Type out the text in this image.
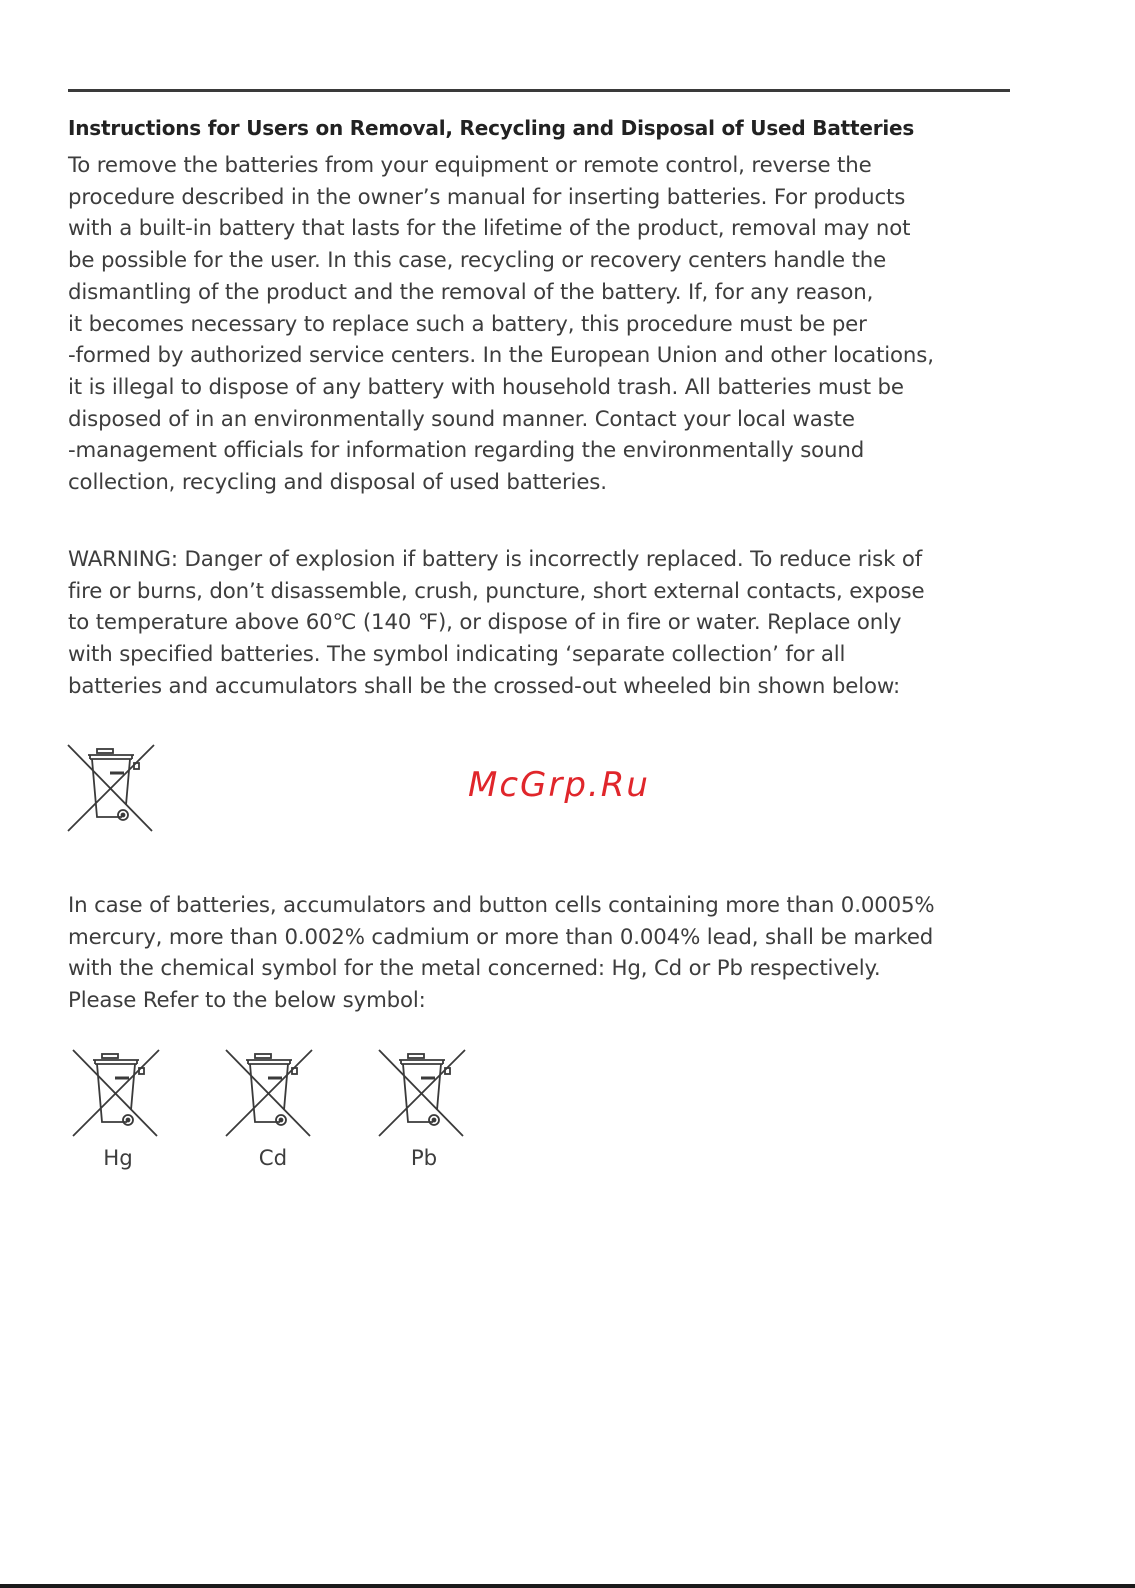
Instructions for Users on Removal, Recycling and Disposal of Used Batteries
To remove the batteries from your equipment or remote control, reverse the
procedure described in the owner’s manual for inserting batteries. For products
with a built-in battery that lasts for the lifetime of the product, removal may not
be possible for the user. In this case, recycling or recovery centers handle the
dismantling of the product and the removal of the battery. If, for any reason,
it becomes necessary to replace such a battery, this procedure must be per
-formed by authorized service centers. In the European Union and other locations,
it is illegal to dispose of any battery with household trash. All batteries must be
disposed of in an environmentally sound manner. Contact your local waste
-management officials for information regarding the environmentally sound
collection, recycling and disposal of used batteries.
WARNING: Danger of explosion if battery is incorrectly replaced. To reduce risk of
fire or burns, don’t disassemble, crush, puncture, short external contacts, expose
to temperature above 60℃ (140 ℉), or dispose of in fire or water. Replace only
with specified batteries. The symbol indicating ‘separate collection’ for all
batteries and accumulators shall be the crossed-out wheeled bin shown below:
McGrp.Ru
In case of batteries, accumulators and button cells containing more than 0.0005%
mercury, more than 0.002% cadmium or more than 0.004% lead, shall be marked
with the chemical symbol for the metal concerned: Hg, Cd or Pb respectively.
Please Refer to the below symbol:
Hg	Cd	Pb
